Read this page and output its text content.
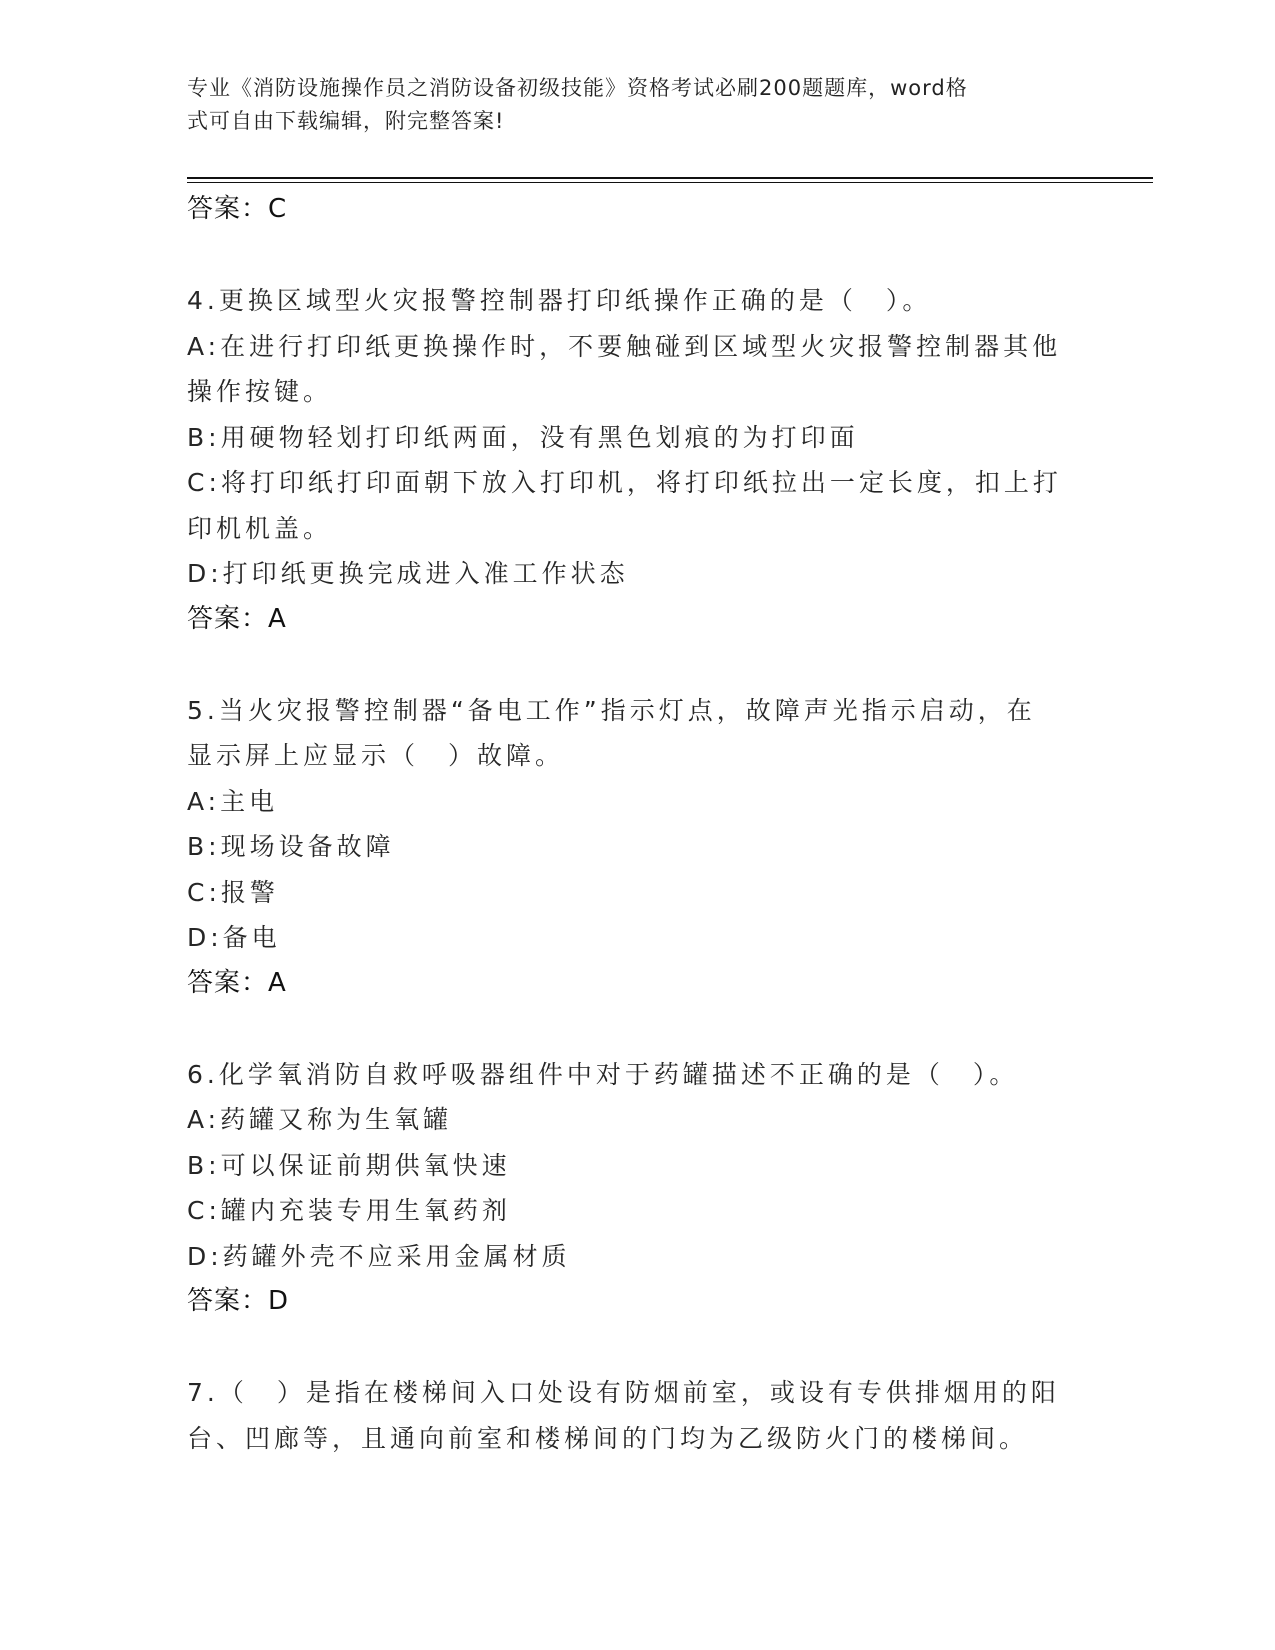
专业《消防设施操作员之消防设备初级技能》资格考试必刷200题题库，word格
式可自由下载编辑，附完整答案!
答案：C
4.更换区域型火灾报警控制器打印纸操作正确的是（　）。
A:在进行打印纸更换操作时，不要触碰到区域型火灾报警控制器其他
操作按键。
B:用硬物轻划打印纸两面，没有黑色划痕的为打印面
C:将打印纸打印面朝下放入打印机，将打印纸拉出一定长度，扣上打
印机机盖。
D:打印纸更换完成进入准工作状态
答案：A
5.当火灾报警控制器“备电工作”指示灯点，故障声光指示启动，在
显示屏上应显示（　）故障。
A:主电
B:现场设备故障
C:报警
D:备电
答案：A
6.化学氧消防自救呼吸器组件中对于药罐描述不正确的是（　）。
A:药罐又称为生氧罐
B:可以保证前期供氧快速
C:罐内充装专用生氧药剂
D:药罐外壳不应采用金属材质
答案：D
7.（　）是指在楼梯间入口处设有防烟前室，或设有专供排烟用的阳
台、凹廊等，且通向前室和楼梯间的门均为乙级防火门的楼梯间。
